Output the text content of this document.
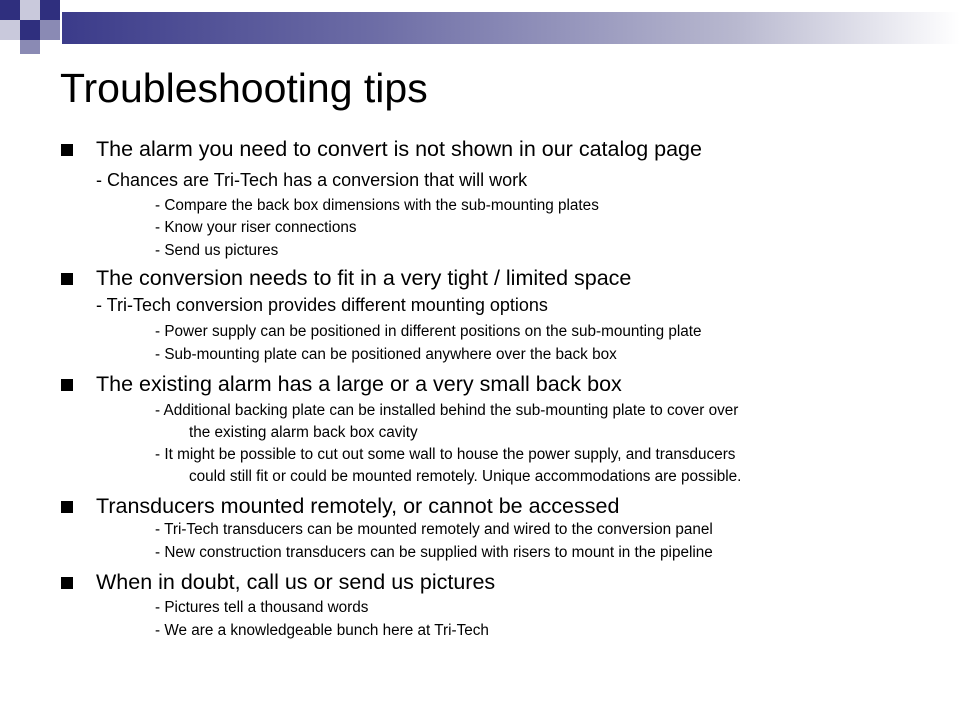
Troubleshooting tips
The alarm you need to convert is not shown in our catalog page
- Chances are Tri-Tech has a conversion that will work
- Compare the back box dimensions with the sub-mounting plates
- Know your riser connections
- Send us pictures
The conversion needs to fit in a very tight / limited space
- Tri-Tech conversion provides different mounting options
- Power supply can be positioned in different positions on the sub-mounting plate
- Sub-mounting plate can be positioned anywhere over the back box
The existing alarm has a large or a very small back box
- Additional backing plate can be installed behind the sub-mounting plate to cover over
the existing alarm back box cavity
- It might be possible to cut out some wall to house the power supply, and transducers
could still fit or could be mounted remotely. Unique accommodations are possible.
Transducers mounted remotely, or cannot be accessed
- Tri-Tech transducers can be mounted remotely and wired to the conversion panel
- New construction transducers can be supplied with risers to mount in the pipeline
When in doubt, call us or send us pictures
- Pictures tell a thousand words
- We are a knowledgeable bunch here at Tri-Tech
